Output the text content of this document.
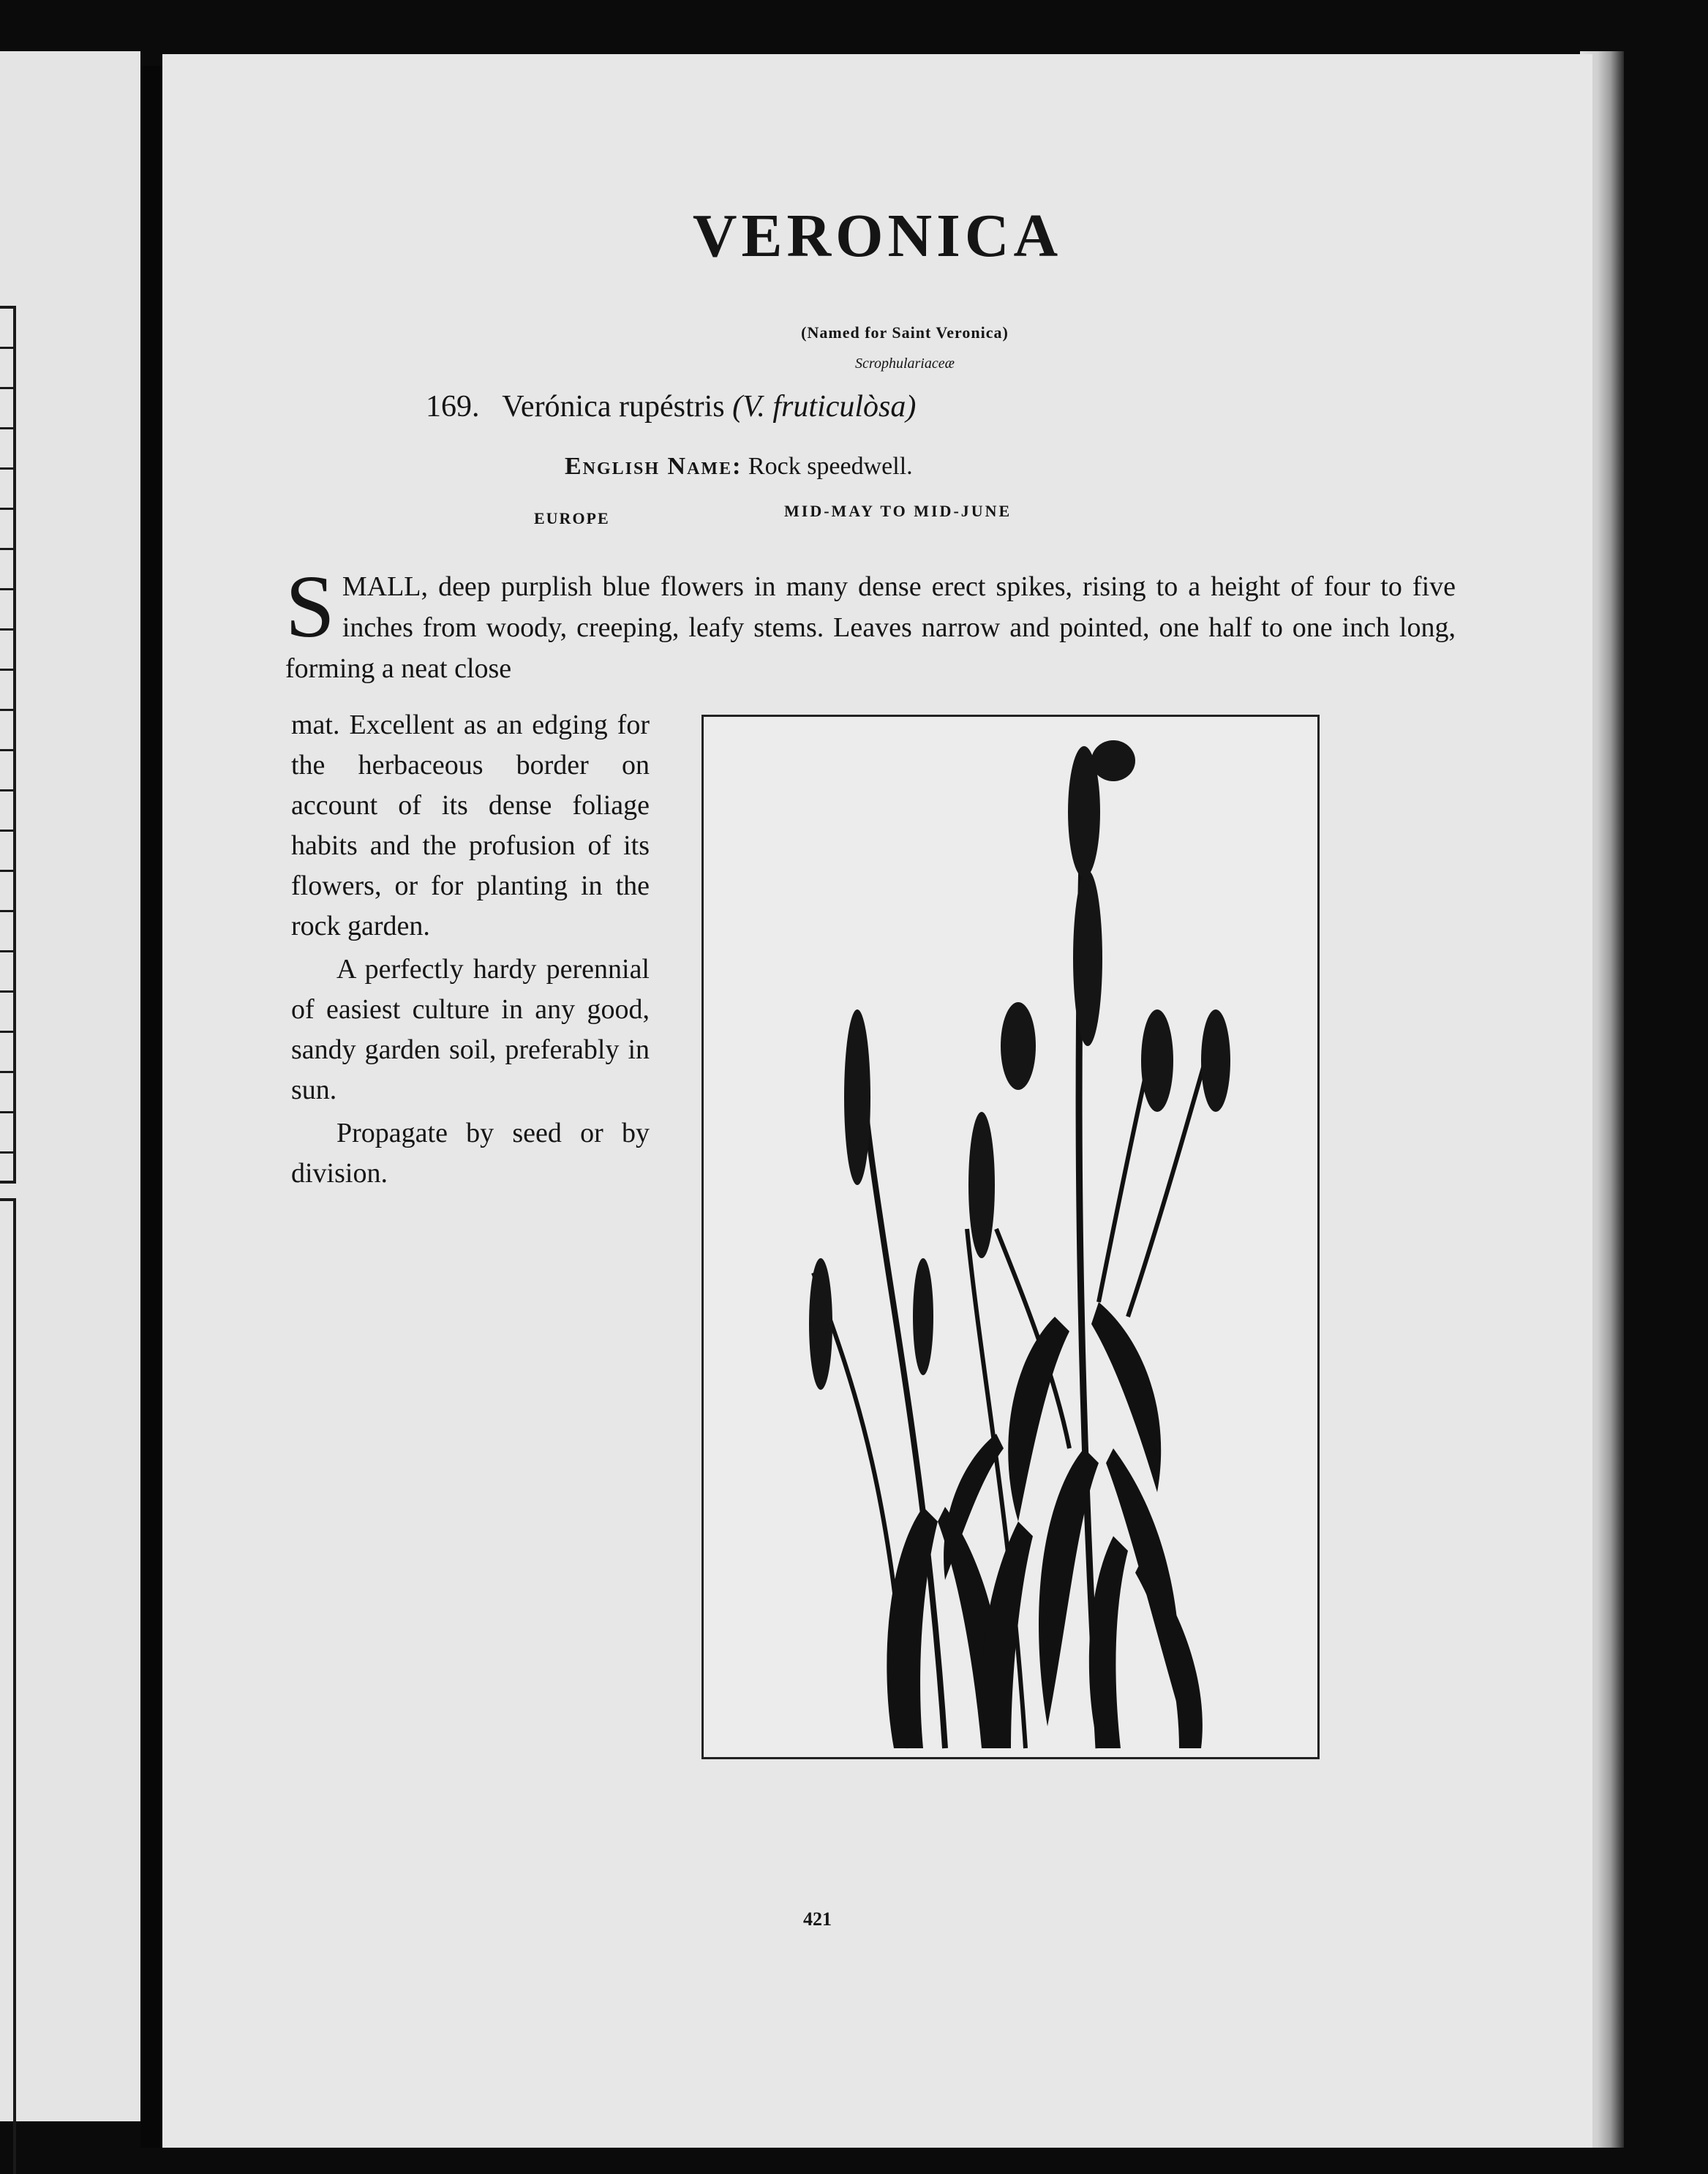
VERONICA
(Named for Saint Veronica)
Scrophulariaceæ
169. Verónica rupéstris (V. fruticulòsa)
English Name: Rock speedwell.
EUROPE	MID-MAY TO MID-JUNE
S MALL, deep purplish blue flowers in many dense erect spikes, rising to a height of four to five inches from woody, creeping, leafy stems. Leaves narrow and pointed, one half to one inch long, forming a neat close

mat. Excellent as an edging for the herbaceous border on account of its dense foliage habits and the profusion of its flowers, or for planting in the rock garden.

A perfectly hardy perennial of easiest culture in any good, sandy garden soil, preferably in sun.

Propagate by seed or by division.

421
